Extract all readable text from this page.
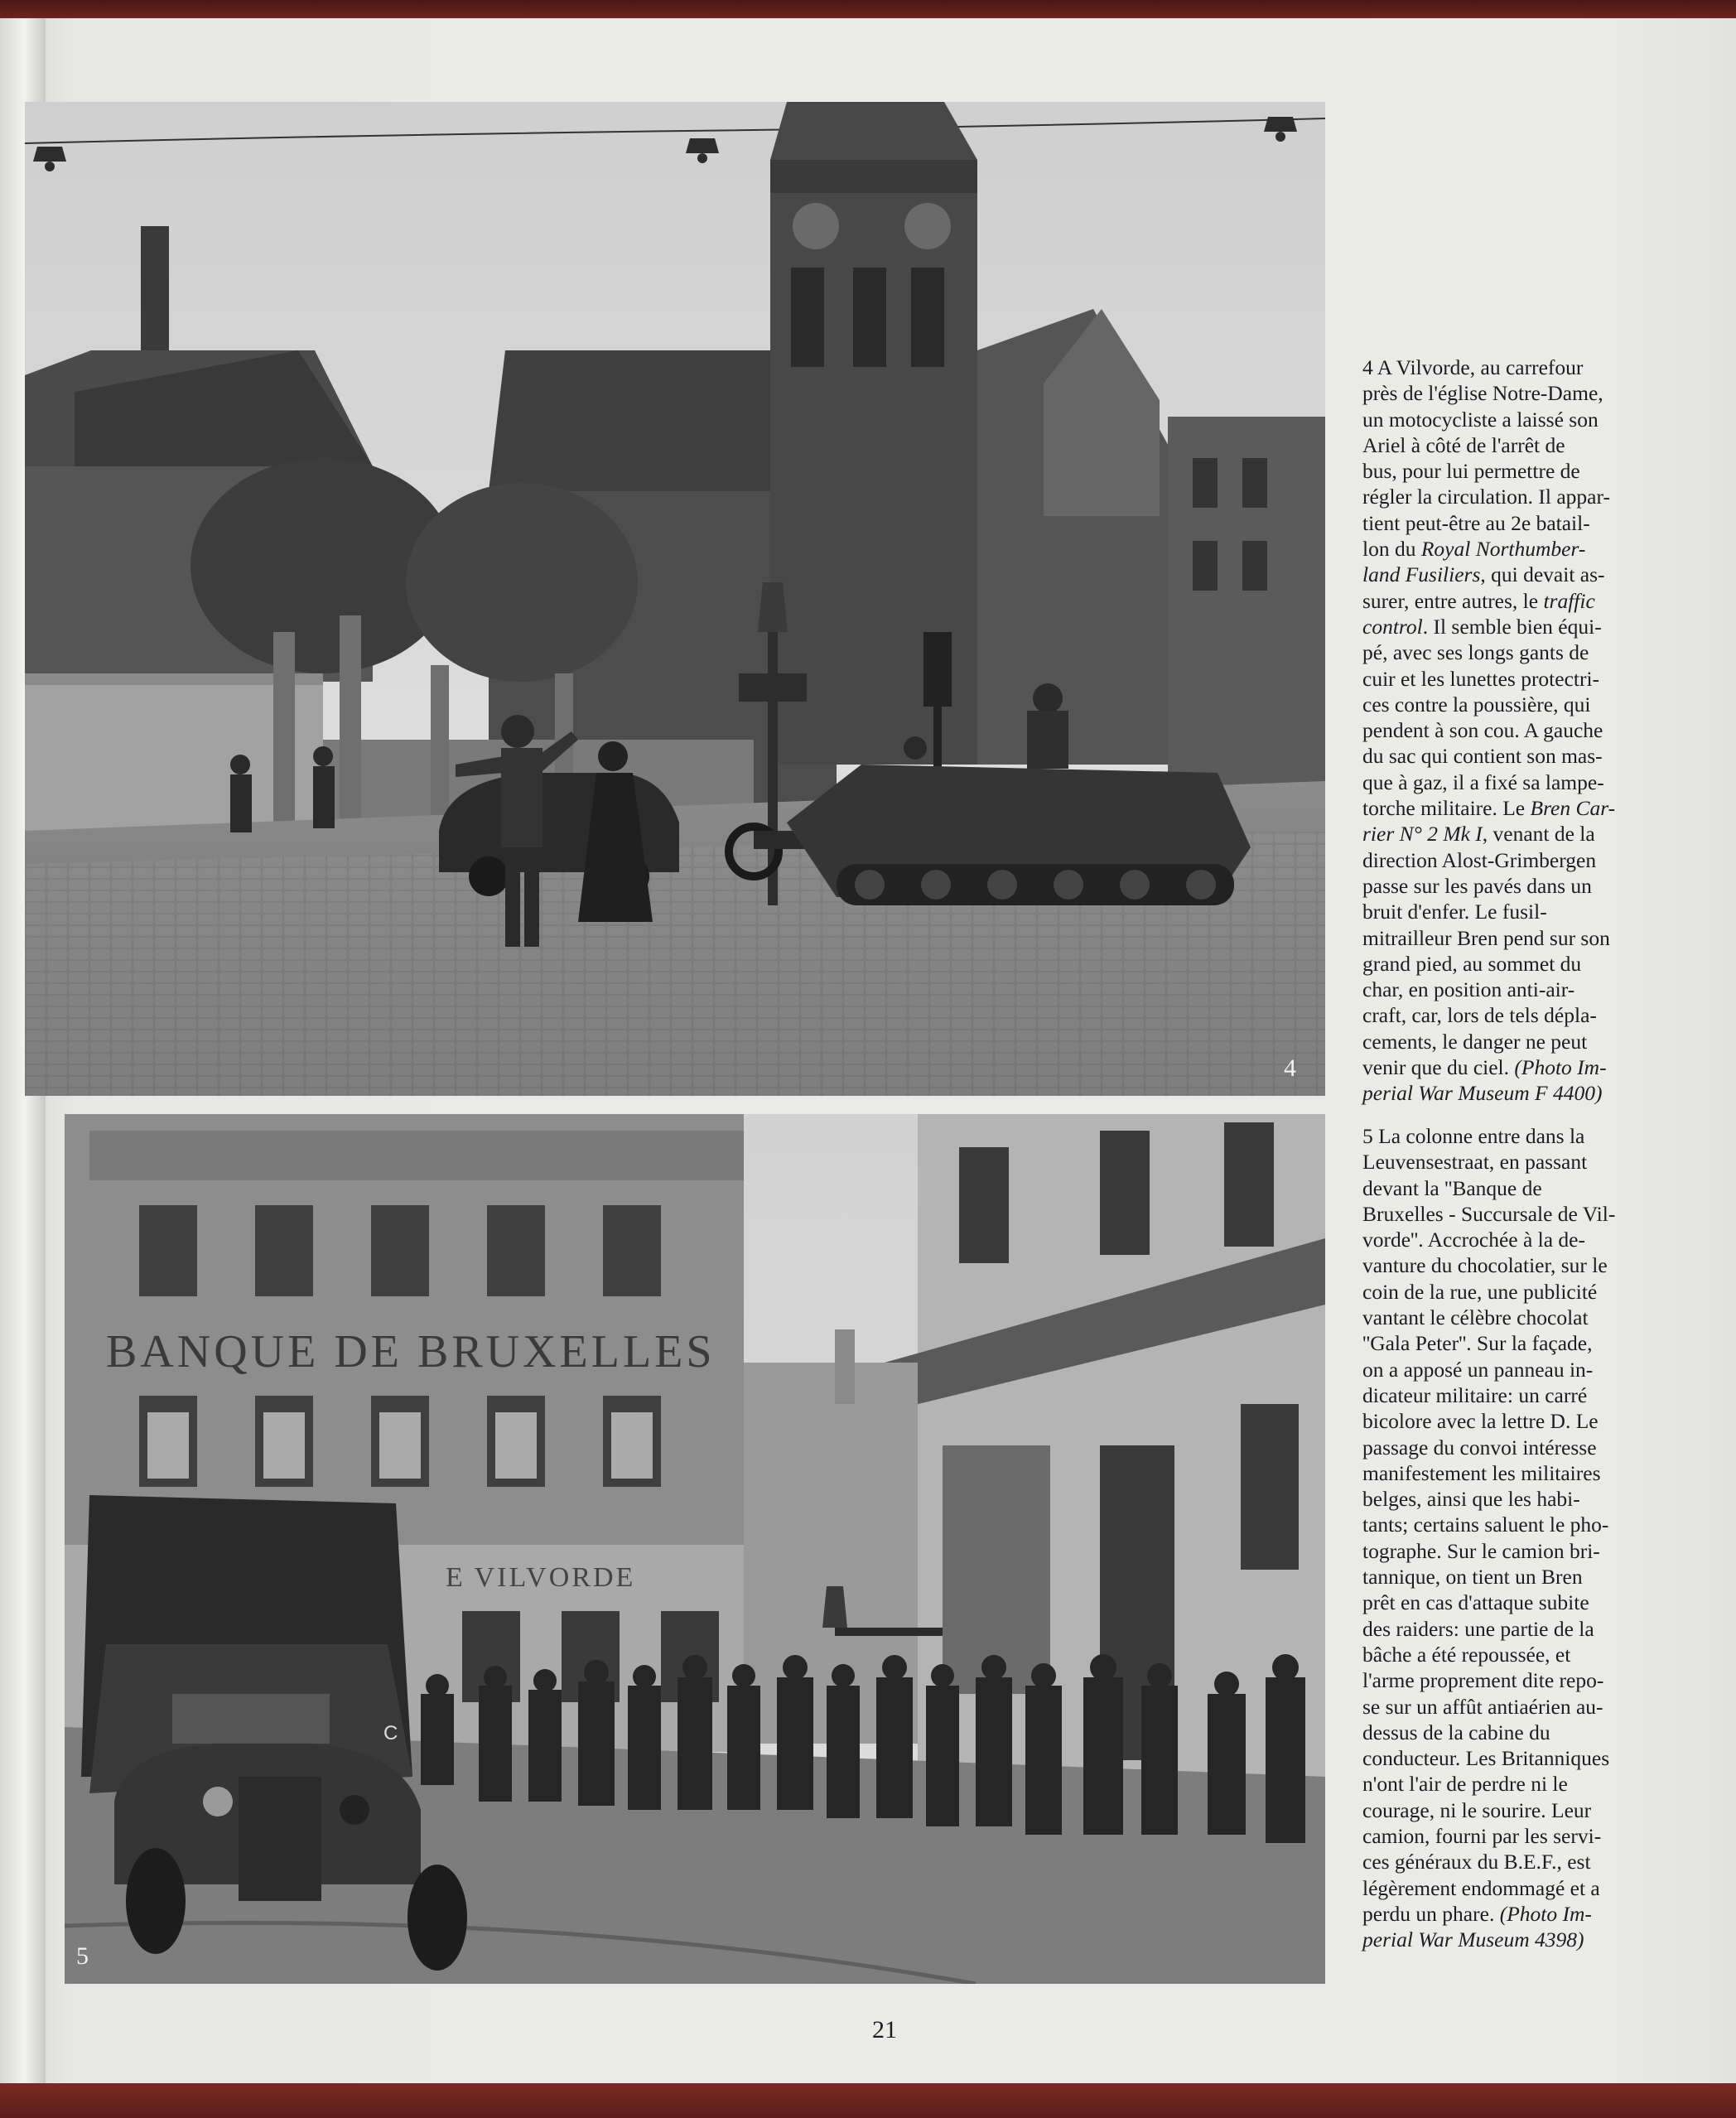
4
BANQUE DE BRUXELLES
E VILVORDE
C
5
4 A Vilvorde, au carrefour
près de l'église Notre-Dame,
un motocycliste a laissé son
Ariel à côté de l'arrêt de
bus, pour lui permettre de
régler la circulation. Il appar-
tient peut-être au 2e batail-
lon du Royal Northumber-
land Fusiliers, qui devait as-
surer, entre autres, le traffic
control. Il semble bien équi-
pé, avec ses longs gants de
cuir et les lunettes protectri-
ces contre la poussière, qui
pendent à son cou. A gauche
du sac qui contient son mas-
que à gaz, il a fixé sa lampe-
torche militaire. Le Bren Car-
rier N° 2 Mk I, venant de la
direction Alost-Grimbergen
passe sur les pavés dans un
bruit d'enfer. Le fusil-
mitrailleur Bren pend sur son
grand pied, au sommet du
char, en position anti-air-
craft, car, lors de tels déplа-
cements, le danger ne peut
venir que du ciel. (Photo Im-
perial War Museum F 4400)
5 La colonne entre dans la
Leuvensestraat, en passant
devant la ''Banque de
Bruxelles - Succursale de Vil-
vorde''. Accrochée à la de-
vanture du chocolatier, sur le
coin de la rue, une publicité
vantant le célèbre chocolat
''Gala Peter''. Sur la façade,
on a apposé un panneau in-
dicateur militaire: un carré
bicolore avec la lettre D. Le
passage du convoi intéresse
manifestement les militaires
belges, ainsi que les habi-
tants; certains saluent le pho-
tographe. Sur le camion bri-
tannique, on tient un Bren
prêt en cas d'attaque subite
des raiders: une partie de la
bâche a été repoussée, et
l'arme proprement dite repo-
se sur un affût antiaérien au-
dessus de la cabine du
conducteur. Les Britanniques
n'ont l'air de perdre ni le
courage, ni le sourire. Leur
camion, fourni par les servi-
ces généraux du B.E.F., est
légèrement endommagé et a
perdu un phare. (Photo Im-
perial War Museum 4398)
21
